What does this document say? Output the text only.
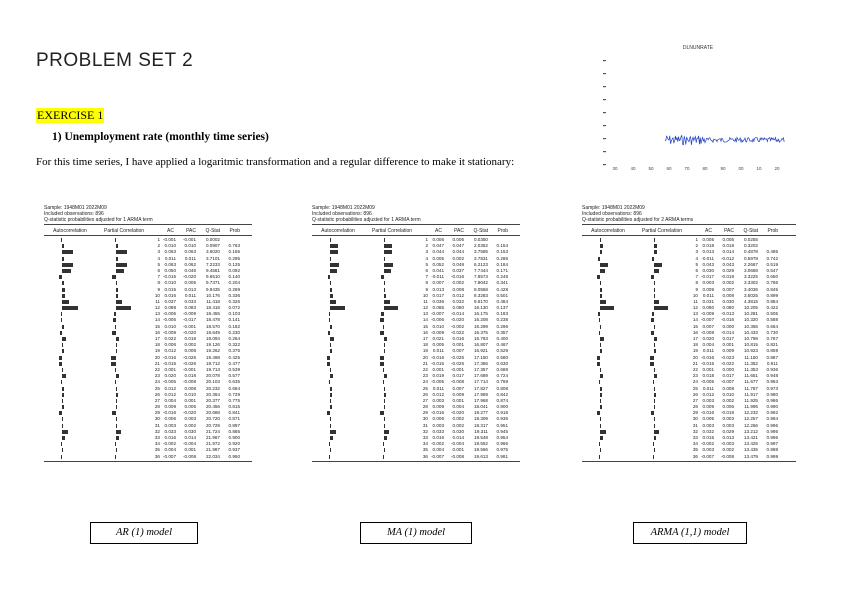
PROBLEM SET 2
EXERCISE 1
1) Unemployment rate (monthly time series)
For this time series, I have applied a logaritmic transformation and a regular difference to make it stationary:
DLNUNRATE
30	40	50	60	70	80	90	00	10	20
Sample: 1948M01 2022M09
Included observations: 896
Q-statistic probabilities adjusted for 1 ARMA term
Autocorrelation	Partial Correlation	AC	PAC	Q-Stat	Prob
1 -0.001	-0.001	0.0002
2 0.010	0.010	0.0907	0.763
3 0.063	0.063	3.6020	0.165
4	0.011	0.011	3.7101	0.295
5 0.063	0.062	7.2233	0.125
6 0.050	0.046	9.4581	0.092
7 -0.015	-0.020	9.6510	0.140
8 0.010	0.005	9.7371	0.204
9 0.015	0.013	9.9435	0.269
10 0.016	0.011	10.176	0.336
11 0.037	0.033	11.418	0.326
12 0.088	0.083	18.418	0.072
13 -0.006	-0.009	18.455	0.103
14 -0.005	-0.017	18.478	0.141
15 0.010	-0.001	18.570	0.182
16 -0.009	-0.020	18.649	0.230
17 0.022	0.018	19.094	0.264
18 0.006	0.002	19.126	0.322
19 0.012	0.008	19.262	0.375
20 -0.016	-0.026	19.498	0.425
21 -0.015	-0.026	19.712	0.477
22 0.001	-0.001	19.713	0.539
23 0.020	0.018	20.078	0.577
24 -0.005	-0.008	20.103	0.635
25 0.012	0.008	20.232	0.684
26 0.012	0.010	20.364	0.729
27 0.004	0.001	20.377	0.775
28 0.009	0.005	20.456	0.815
29 -0.016	-0.020	20.688	0.841
30 0.006	0.003	20.720	0.871
31 0.003	0.002	20.729	0.897
32 0.033	0.030	21.724	0.885
33 0.016	0.014	21.967	0.900
34 -0.002	-0.004	21.972	0.920
35 0.004	0.001	21.987	0.937
36 -0.007	-0.008	22.034	0.950
Sample: 1948M01 2022M09
Included observations: 896
Q-statistic probabilities adjusted for 1 ARMA term
Autocorrelation	Partial Correlation	AC	PAC	Q-Stat	Prob
1 0.006	0.006	0.0350
2 0.047	0.047	2.0352	0.154
3 0.044	0.044	3.7585	0.153
4 0.005	0.002	3.7831	0.286
5 0.052	0.048	6.2123	0.184
6 0.041	0.037	7.7444	0.171
7 -0.011	-0.016	7.8573	0.248
8 0.007	0.002	7.9042	0.341
9 0.013	0.008	8.0558	0.428
10 0.017	0.012	8.3283	0.501
11 0.036	0.032	9.5170	0.484
12 0.085	0.080	16.130	0.137
13 -0.007	-0.014	16.175	0.183
14 -0.006	-0.020	16.208	0.238
15 0.010	-0.002	16.299	0.296
16 -0.009	-0.022	16.375	0.357
17 0.021	0.016	16.783	0.400
18 0.005	0.001	16.807	0.467
19	0.011	0.007	16.921	0.529
20 -0.016	-0.025	17.150	0.580
21 -0.015	-0.025	17.356	0.630
22 0.001	-0.001	17.357	0.689
23 0.019	0.017	17.689	0.724
24 -0.005	-0.008	17.714	0.769
25	0.011	0.007	17.827	0.808
26 0.012	0.009	17.959	0.842
27 0.003	0.001	17.968	0.874
28 0.009	0.004	18.041	0.900
29 -0.016	-0.020	18.277	0.918
30 0.006	0.002	18.309	0.936
31 0.003	0.002	18.317	0.951
32 0.033	0.030	19.311	0.945
33 0.016	0.014	19.548	0.954
34 -0.002	-0.004	19.552	0.966
35 0.004	0.001	19.566	0.975
36 -0.007	-0.008	19.613	0.981
Sample: 1948M01 2022M09
Included observations: 896
Q-statistic probabilities adjusted for 2 ARMA terms
Autocorrelation	Partial Correlation	AC	PAC	Q-Stat	Prob
1 0.005	0.005	0.0255
2 0.018	0.018	0.3202
3 0.013	0.014	0.4878	0.485
4 -0.011	-0.012	0.5978	0.742
5 0.043	0.043	2.2667	0.519
6 0.030	0.029	3.0668	0.547
7 -0.017	-0.019	3.3225	0.650
8 0.003	0.002	3.3302	0.766
9 0.009	0.007	3.4036	0.845
10	0.011	0.008	3.5025	0.899
11 0.031	0.030	4.3815	0.884
12 0.080	0.080	10.205	0.422
13 -0.009	-0.013	10.281	0.505
14 -0.007	-0.016	10.320	0.588
15 0.007	0.000	10.365	0.664
16 -0.008	-0.014	10.433	0.730
17 0.020	0.017	10.798	0.767
18 0.004	0.001	10.815	0.821
19	0.011	0.009	10.923	0.859
20 -0.016	-0.023	11.150	0.887
21 -0.015	-0.022	11.352	0.911
22 0.001	0.000	11.353	0.936
23 0.018	0.017	11.651	0.948
24 -0.005	-0.007	11.677	0.963
25	0.011	0.008	11.787	0.973
26 0.012	0.010	11.917	0.980
27 0.003	0.002	11.925	0.986
28 0.009	0.006	11.995	0.990
29 -0.016	-0.018	12.232	0.992
30 0.005	0.003	12.257	0.994
31 0.003	0.003	12.266	0.996
32 0.032	0.029	13.212	0.995
33 0.015	0.013	13.421	0.996
34 -0.002	-0.003	13.425	0.997
35 0.003	0.002	13.435	0.998
36 -0.007	-0.008	13.479	0.999
AR (1) model	MA (1) model	ARMA (1,1) model
